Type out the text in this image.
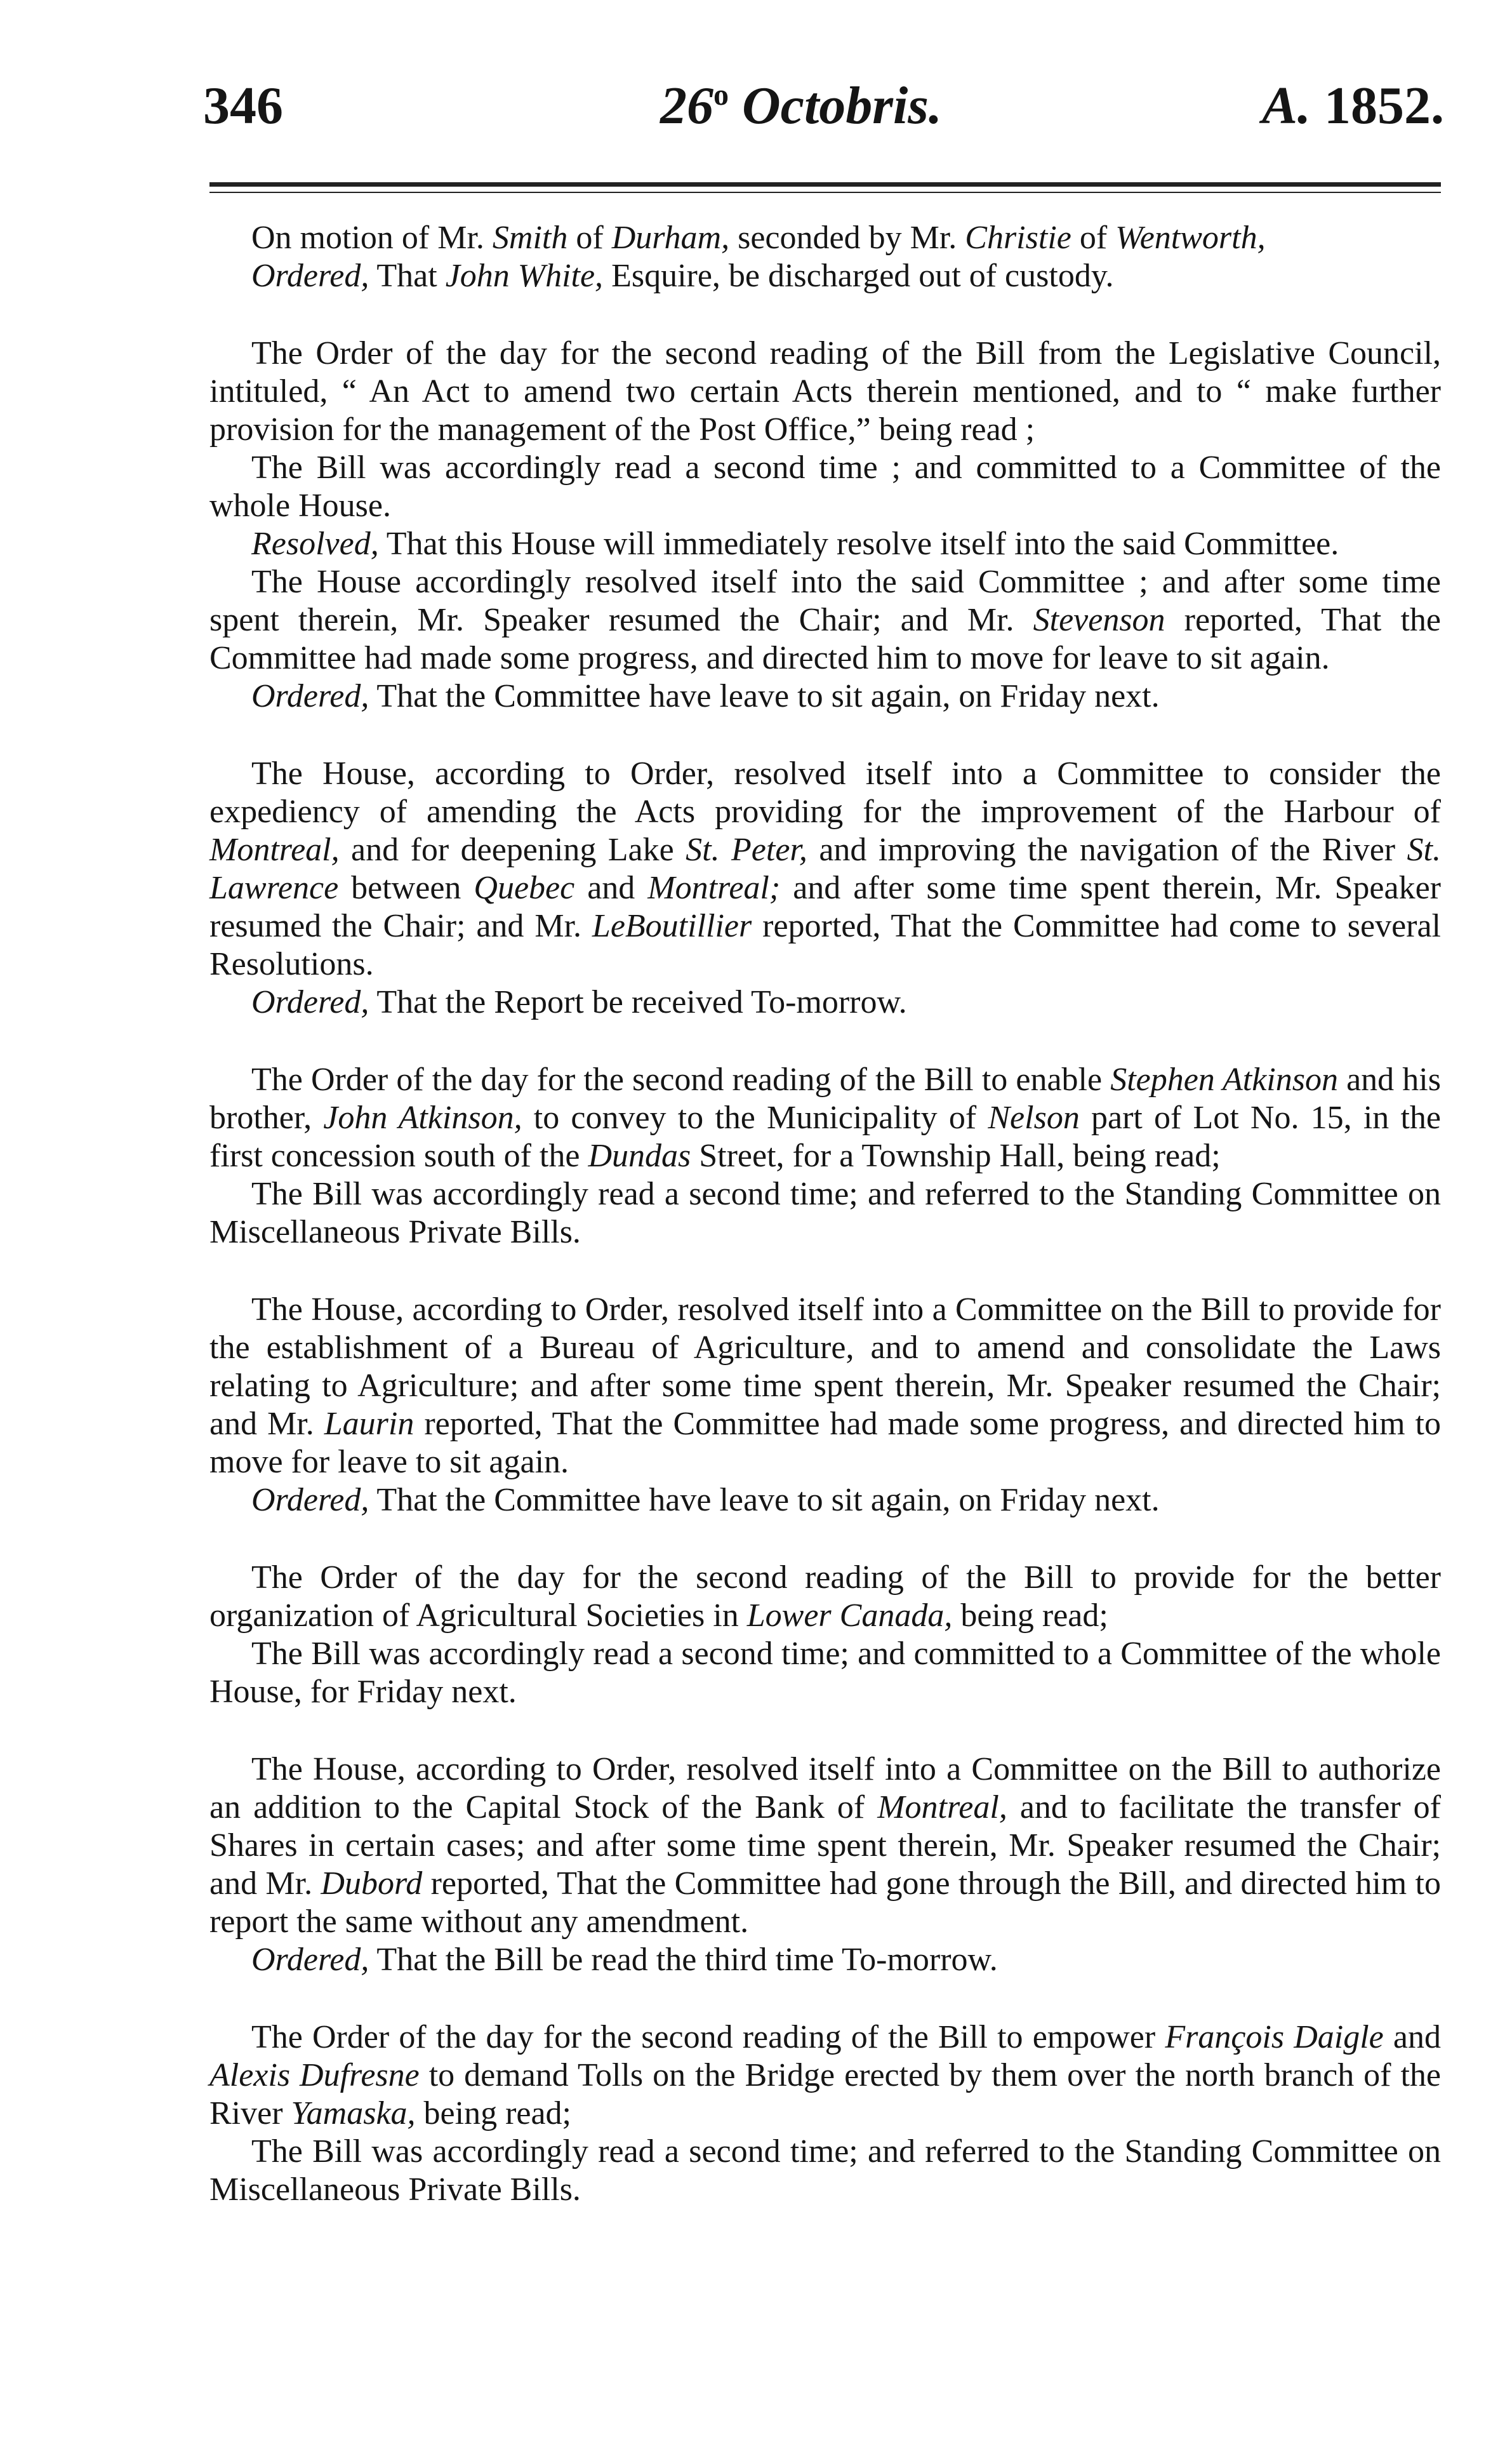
346	26$^o$ Octobris.	A. 1852.

On motion of Mr. Smith of Durham, seconded by Mr. Christie of Wentworth,

Ordered, That John White, Esquire, be discharged out of custody.

The Order of the day for the second reading of the Bill from the Legislative Council, intituled, “ An Act to amend two certain Acts therein mentioned, and to “ make further provision for the management of the Post Office,” being read ;

The Bill was accordingly read a second time ; and committed to a Committee of the whole House.

Resolved, That this House will immediately resolve itself into the said Committee.

The House accordingly resolved itself into the said Committee ; and after some time spent therein, Mr. Speaker resumed the Chair; and Mr. Stevenson reported, That the Committee had made some progress, and directed him to move for leave to sit again.

Ordered, That the Committee have leave to sit again, on Friday next.

The House, according to Order, resolved itself into a Committee to consider the expediency of amending the Acts providing for the improvement of the Harbour of Montreal, and for deepening Lake St. Peter, and improving the navigation of the River St. Lawrence between Quebec and Montreal; and after some time spent therein, Mr. Speaker resumed the Chair; and Mr. LeBoutillier reported, That the Committee had come to several Resolutions.

Ordered, That the Report be received To-morrow.

The Order of the day for the second reading of the Bill to enable Stephen Atkinson and his brother, John Atkinson, to convey to the Municipality of Nelson part of Lot No. 15, in the first concession south of the Dundas Street, for a Township Hall, being read;

The Bill was accordingly read a second time; and referred to the Standing Committee on Miscellaneous Private Bills.

The House, according to Order, resolved itself into a Committee on the Bill to provide for the establishment of a Bureau of Agriculture, and to amend and consolidate the Laws relating to Agriculture; and after some time spent therein, Mr. Speaker resumed the Chair; and Mr. Laurin reported, That the Committee had made some progress, and directed him to move for leave to sit again.

Ordered, That the Committee have leave to sit again, on Friday next.

The Order of the day for the second reading of the Bill to provide for the better organization of Agricultural Societies in Lower Canada, being read;

The Bill was accordingly read a second time; and committed to a Committee of the whole House, for Friday next.

The House, according to Order, resolved itself into a Committee on the Bill to authorize an addition to the Capital Stock of the Bank of Montreal, and to facilitate the transfer of Shares in certain cases; and after some time spent therein, Mr. Speaker resumed the Chair; and Mr. Dubord reported, That the Committee had gone through the Bill, and directed him to report the same without any amendment.

Ordered, That the Bill be read the third time To-morrow.

The Order of the day for the second reading of the Bill to empower François Daigle and Alexis Dufresne to demand Tolls on the Bridge erected by them over the north branch of the River Yamaska, being read;

The Bill was accordingly read a second time; and referred to the Standing Committee on Miscellaneous Private Bills.
